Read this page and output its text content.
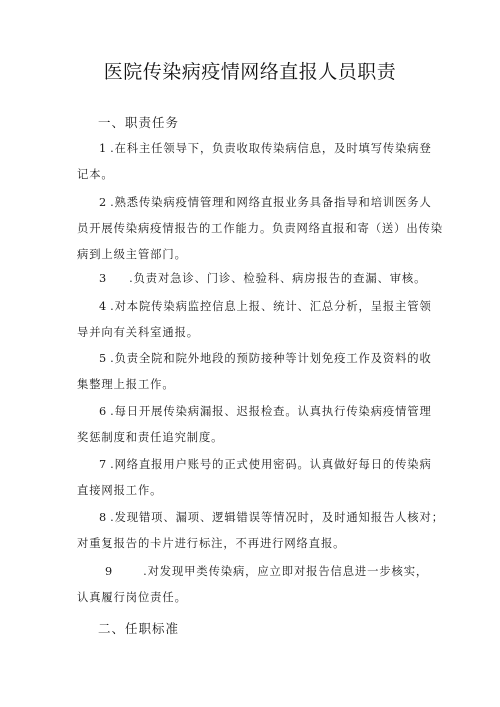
医院传染病疫情网络直报人员职责
一、职责任务
1 .在科主任领导下，负责收取传染病信息，及时填写传染病登
记本。
2 .熟悉传染病疫情管理和网络直报业务具备指导和培训医务人
员开展传染病疫情报告的工作能力。负责网络直报和寄（送）出传染
病到上级主管部门。
3 .负责对急诊、门诊、检验科、病房报告的查漏、审核。
4 .对本院传染病监控信息上报、统计、汇总分析，呈报主管领
导并向有关科室通报。
5 .负责全院和院外地段的预防接种等计划免疫工作及资料的收
集整理上报工作。
6 .每日开展传染病漏报、迟报检查。认真执行传染病疫情管理
奖惩制度和责任追究制度。
7 .网络直报用户账号的正式使用密码。认真做好每日的传染病
直接网报工作。
8 .发现错项、漏项、逻辑错误等情况时，及时通知报告人核对；
对重复报告的卡片进行标注，不再进行网络直报。
9	.对发现甲类传染病，应立即对报告信息进一步核实，
认真履行岗位责任。
二、任职标准
